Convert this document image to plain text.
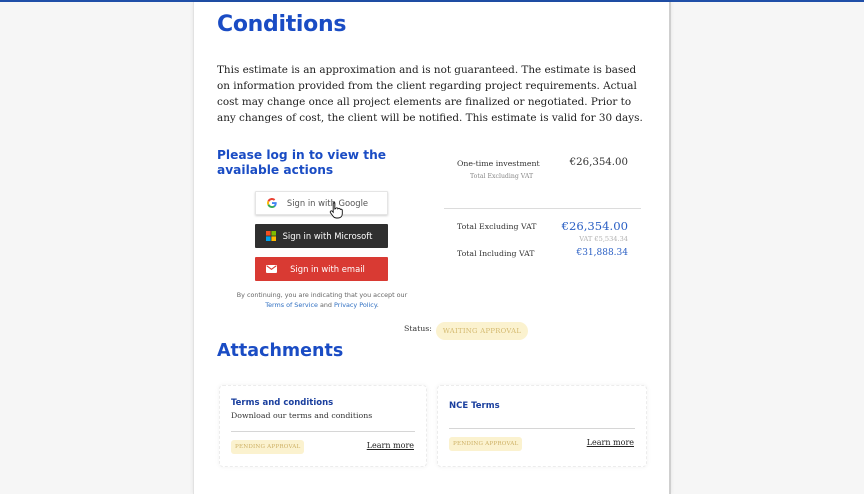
Conditions

This estimate is an approximation and is not guaranteed. The estimate is based on information provided from the client regarding project requirements. Actual cost may change once all project elements are finalized or negotiated. Prior to any changes of cost, the client will be notified. This estimate is valid for 30 days.

Please log in to view the available actions
Sign in with Google
Sign in with Microsoft
Sign in with email
By continuing, you are indicating that you accept our
Terms of Service and Privacy Policy.
One-time investment	€26,354.00
Total Excluding VAT
Total Excluding VAT €26,354.00
VAT €5,534.34
Total Including VAT	€31,888.34
Status:	WAITING APPROVAL
Attachments
Terms and conditions
Download our terms and conditions
PENDING APPROVAL	Learn more
NCE Terms
PENDING APPROVAL	Learn more
